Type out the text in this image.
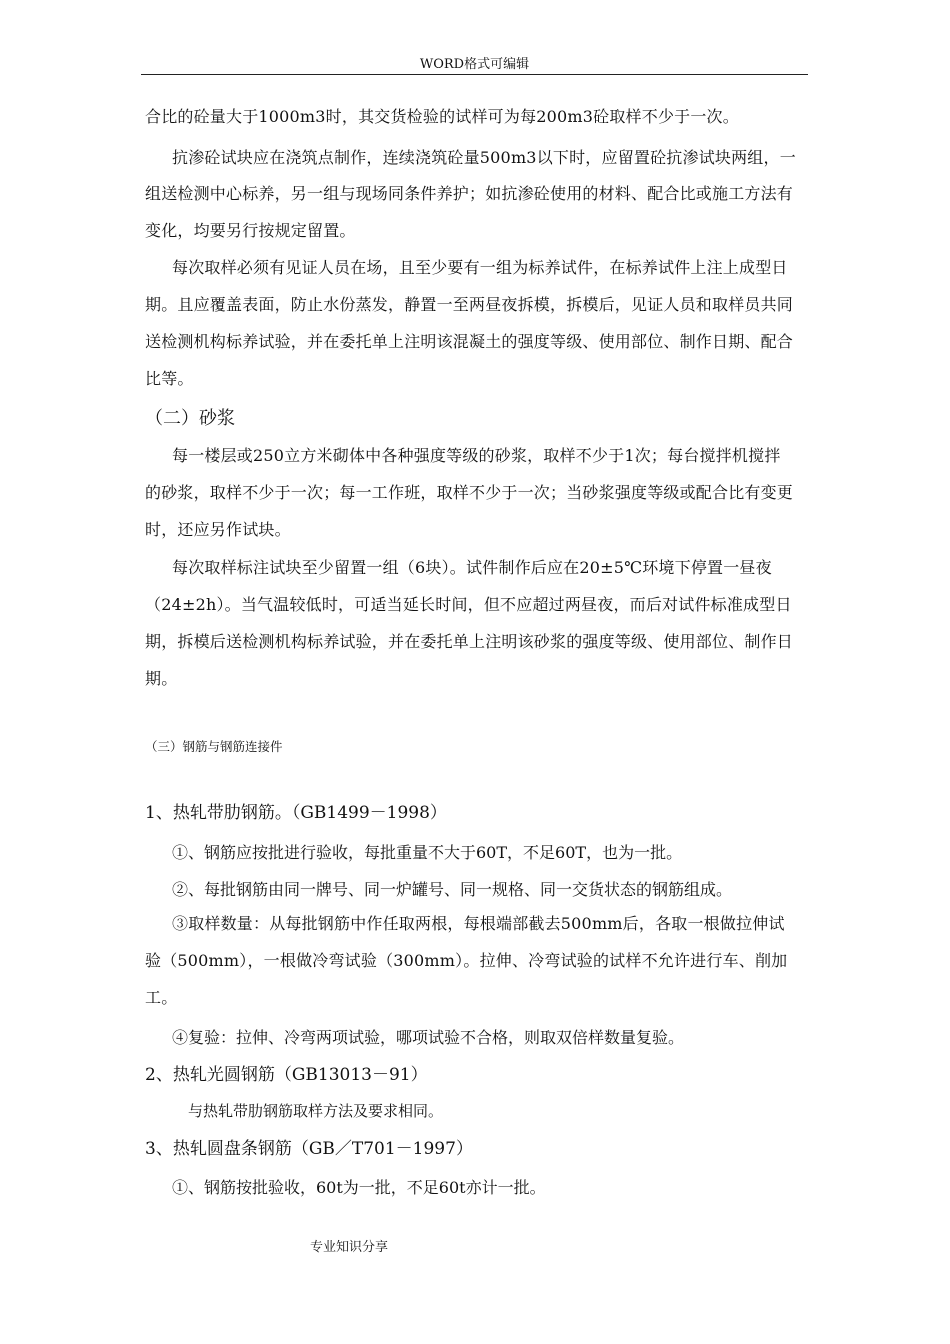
WORD格式可编辑
合比的砼量大于1000m3时，其交货检验的试样可为每200m3砼取样不少于一次。
抗渗砼试块应在浇筑点制作，连续浇筑砼量500m3以下时，应留置砼抗渗试块两组，一
组送检测中心标养，另一组与现场同条件养护；如抗渗砼使用的材料、配合比或施工方法有
变化，均要另行按规定留置。
每次取样必须有见证人员在场，且至少要有一组为标养试件，在标养试件上注上成型日
期。且应覆盖表面，防止水份蒸发，静置一至两昼夜拆模，拆模后，见证人员和取样员共同
送检测机构标养试验，并在委托单上注明该混凝土的强度等级、使用部位、制作日期、配合
比等。
（二）砂浆
每一楼层或250立方米砌体中各种强度等级的砂浆，取样不少于1次；每台搅拌机搅拌
的砂浆，取样不少于一次；每一工作班，取样不少于一次；当砂浆强度等级或配合比有变更
时，还应另作试块。
每次取样标注试块至少留置一组（6块）。试件制作后应在20±5℃环境下停置一昼夜
（24±2h）。当气温较低时，可适当延长时间，但不应超过两昼夜，而后对试件标准成型日
期，拆模后送检测机构标养试验，并在委托单上注明该砂浆的强度等级、使用部位、制作日
期。
（三）钢筋与钢筋连接件
1、热轧带肋钢筋。（GB1499－1998）
①、钢筋应按批进行验收，每批重量不大于60T，不足60T，也为一批。
②、每批钢筋由同一牌号、同一炉罐号、同一规格、同一交货状态的钢筋组成。
③取样数量：从每批钢筋中作任取两根，每根端部截去500mm后，各取一根做拉伸试
验（500mm），一根做冷弯试验（300mm）。拉伸、冷弯试验的试样不允许进行车、削加
工。
④复验：拉伸、冷弯两项试验，哪项试验不合格，则取双倍样数量复验。
2、热轧光圆钢筋（GB13013－91）
与热轧带肋钢筋取样方法及要求相同。
3、热轧圆盘条钢筋（GB／T701－1997）
①、钢筋按批验收，60t为一批，不足60t亦计一批。
专业知识分享
